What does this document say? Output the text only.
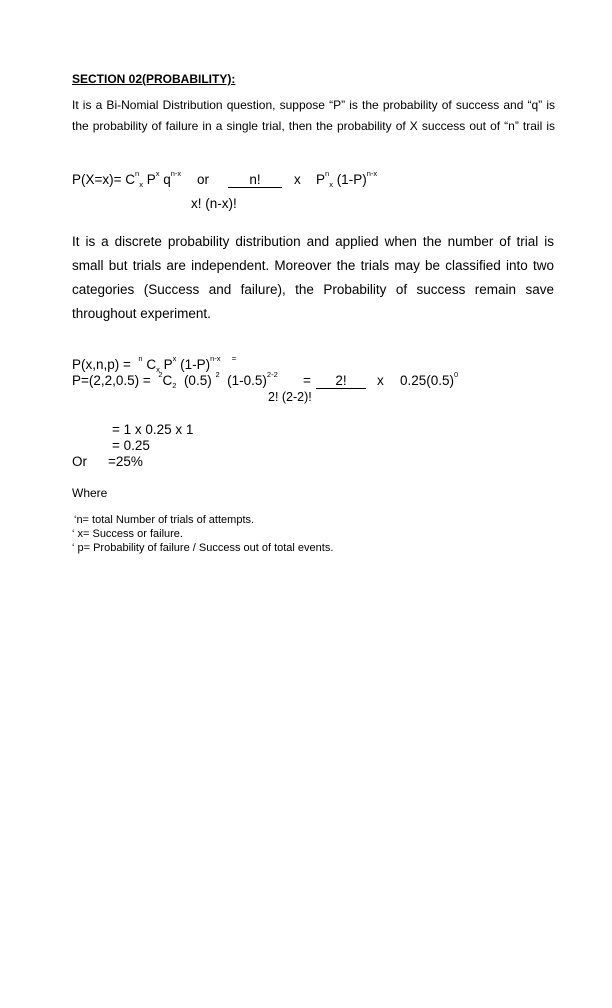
SECTION 02(PROBABILITY):
It is a Bi-Nomial Distribution question, suppose “P” is the probability of success and “q” is
the probability of failure in a single trial, then the probability of X success out of “n” trail is
$P(X=x)= C^n_x$ $P^x$ $q^{n-x}$ or	n!	x $P^n_x$ $(1-P)^{n-x}$
x! (n-x)!
It is a discrete probability distribution and applied when the number of trial is small but trials are independent. Moreover the trials may be classified into two categories (Success and failure), the Probability of success remain save throughout experiment.
P(x,n,p) = $^n$ $C_x$ $P^x$ $(1-P)^{n-x}$ =
$P=(2,2,0.5) = ^2C_2$  (0.5) $^2$ $(1-0.5)^{2-2}$ =	2!	x $0.25(0.5)^0$
2! (2-2)!
= 1 x 0.25 x 1
= 0.25
Or =25%
Where
‘n= total Number of trials of attempts.
‘ x= Success or failure.
‘ p= Probability of failure / Success out of total events.
